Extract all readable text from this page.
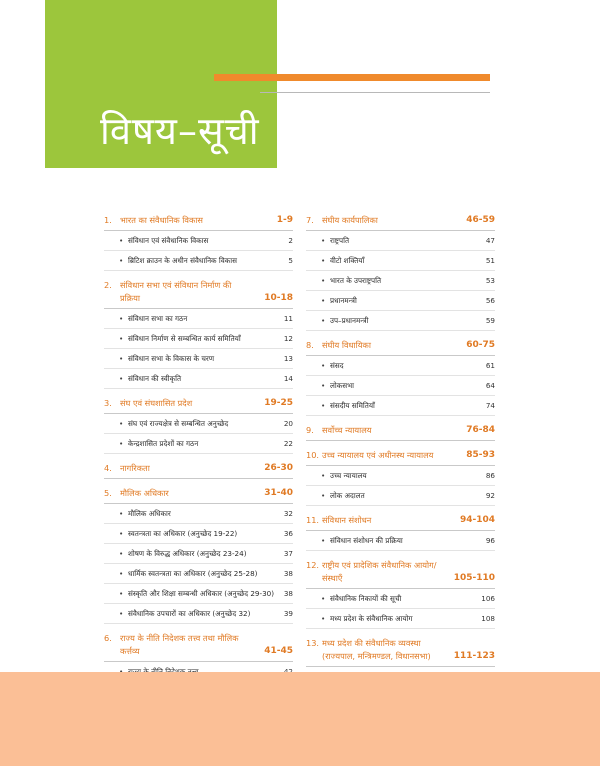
विषय–सूची
1. भारत का संवैधानिक विकास	1-9
• संविधान एवं संवैधानिक विकास	2
• ब्रिटिश क्राउन के अधीन संवैधानिक विकास	5
2. संविधान सभा एवं संविधान निर्माण की प्रक्रिया	10-18
• संविधान सभा का गठन	11
• संविधान निर्माण से सम्बन्धित कार्य समितियाँ	12
• संविधान सभा के विकास के चरण	13
• संविधान की स्वीकृति	14
3. संघ एवं संघशासित प्रदेश	19-25
• संघ एवं राज्यक्षेत्र से सम्बन्धित अनुच्छेद	20
• केन्द्रशासित प्रदेशों का गठन	22
4. नागरिकता	26-30
5. मौलिक अधिकार	31-40
• मौलिक अधिकार	32
• स्वतन्त्रता का अधिकार (अनुच्छेद 19-22)	36
• शोषण के विरुद्ध अधिकार (अनुच्छेद 23-24)	37
• धार्मिक स्वतन्त्रता का अधिकार (अनुच्छेद 25-28)	38
• संस्कृति और शिक्षा सम्बन्धी अधिकार (अनुच्छेद 29-30) 38
• संवैधानिक उपचारों का अधिकार (अनुच्छेद 32)	39
6. राज्य के नीति निदेशक तत्त्व तथा मौलिक कर्त्तव्य	41-45
7. संघीय कार्यपालिका	46-59
• राष्ट्रपति	47
• वीटो शक्तियाँ	51
• भारत के उपराष्ट्रपति	53
• प्रधानमन्त्री	56
• उप–प्रधानमन्त्री	59
8. संघीय विधायिका	60-75
• संसद	61
• लोकसभा	64
• संसदीय समितियाँ	74
9. सर्वोच्च न्यायालय	76-84
10. उच्च न्यायालय एवं अधीनस्थ न्यायालय	85-93
• उच्च न्यायालय	86
• लोक अदालत	92
11. संविधान संशोधन	94-104
• संविधान संशोधन की प्रक्रिया	96
12. राष्ट्रीय एवं प्रादेशिक संवैधानिक आयोग/संस्थाएँ	105-110
• संवैधानिक निकायों की सूची	106
• मध्य प्रदेश के संवैधानिक आयोग	108
13. मध्य प्रदेश की संवैधानिक व्यवस्था (राज्यपाल, मन्त्रिमण्डल, विधानसभा)	111-123
